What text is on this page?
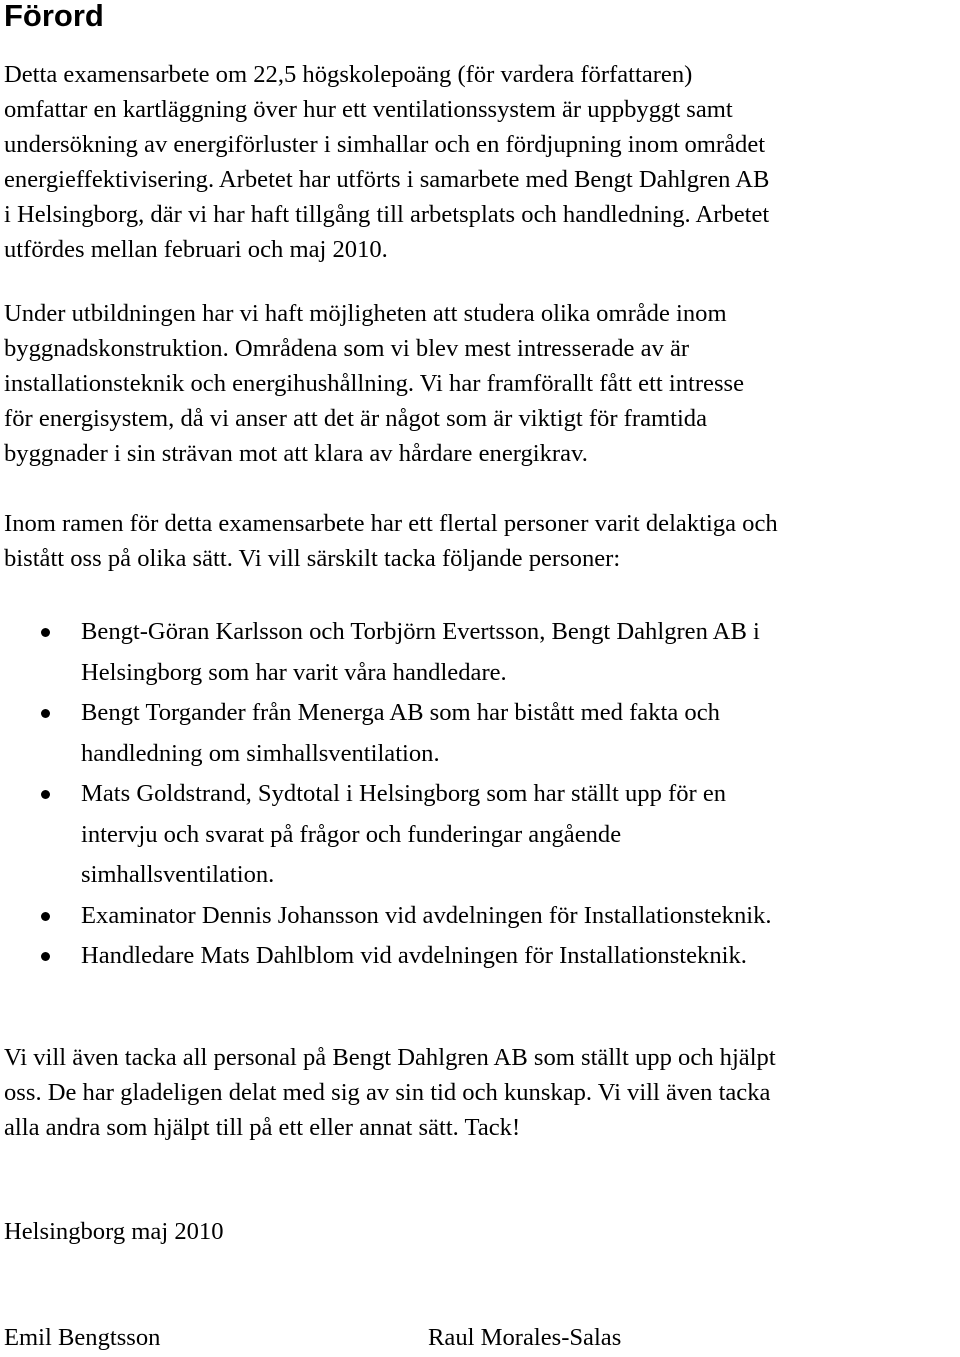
Förord

Detta examensarbete om 22,5 högskolepoäng (för vardera författaren)
omfattar en kartläggning över hur ett ventilationssystem är uppbyggt samt
undersökning av energiförluster i simhallar och en fördjupning inom området
energieffektivisering. Arbetet har utförts i samarbete med Bengt Dahlgren AB
i Helsingborg, där vi har haft tillgång till arbetsplats och handledning. Arbetet
utfördes mellan februari och maj 2010.

Under utbildningen har vi haft möjligheten att studera olika område inom
byggnadskonstruktion. Områdena som vi blev mest intresserade av är
installationsteknik och energihushållning. Vi har framförallt fått ett intresse
för energisystem, då vi anser att det är något som är viktigt för framtida
byggnader i sin strävan mot att klara av hårdare energikrav.

Inom ramen för detta examensarbete har ett flertal personer varit delaktiga och
bistått oss på olika sätt. Vi vill särskilt tacka följande personer:

Bengt-Göran Karlsson och Torbjörn Evertsson, Bengt Dahlgren AB i
Helsingborg som har varit våra handledare.
Bengt Torgander från Menerga AB som har bistått med fakta och
handledning om simhallsventilation.
Mats Goldstrand, Sydtotal i Helsingborg som har ställt upp för en
intervju och svarat på frågor och funderingar angående
simhallsventilation.
Examinator Dennis Johansson vid avdelningen för Installationsteknik.
Handledare Mats Dahlblom vid avdelningen för Installationsteknik.

Vi vill även tacka all personal på Bengt Dahlgren AB som ställt upp och hjälpt
oss. De har gladeligen delat med sig av sin tid och kunskap. Vi vill även tacka
alla andra som hjälpt till på ett eller annat sätt. Tack!

Helsingborg maj 2010
Emil Bengtsson	Raul Morales-Salas
